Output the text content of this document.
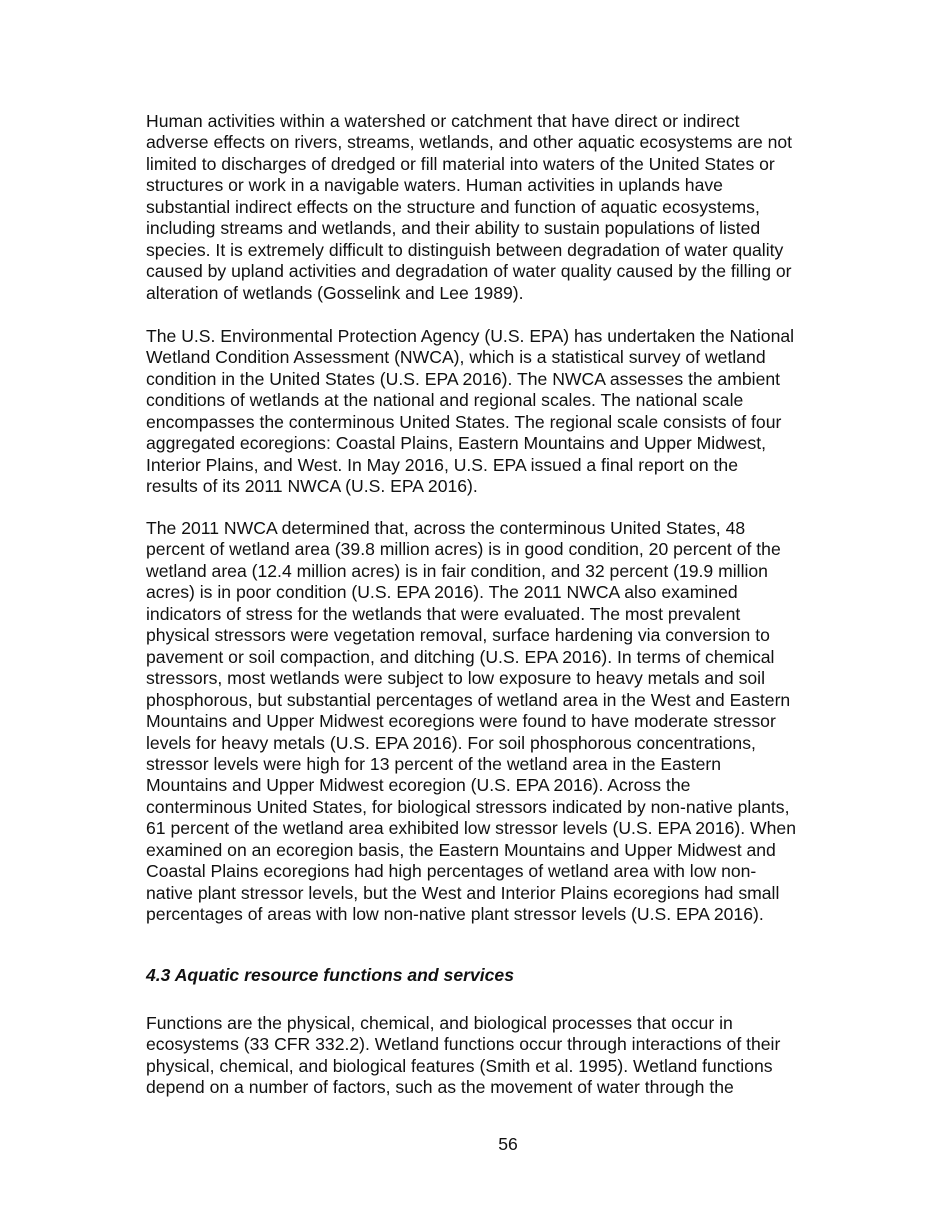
Human activities within a watershed or catchment that have direct or indirect
adverse effects on rivers, streams, wetlands, and other aquatic ecosystems are not
limited to discharges of dredged or fill material into waters of the United States or
structures or work in a navigable waters. Human activities in uplands have
substantial indirect effects on the structure and function of aquatic ecosystems,
including streams and wetlands, and their ability to sustain populations of listed
species. It is extremely difficult to distinguish between degradation of water quality
caused by upland activities and degradation of water quality caused by the filling or
alteration of wetlands (Gosselink and Lee 1989).

The U.S. Environmental Protection Agency (U.S. EPA) has undertaken the National
Wetland Condition Assessment (NWCA), which is a statistical survey of wetland
condition in the United States (U.S. EPA 2016). The NWCA assesses the ambient
conditions of wetlands at the national and regional scales. The national scale
encompasses the conterminous United States. The regional scale consists of four
aggregated ecoregions: Coastal Plains, Eastern Mountains and Upper Midwest,
Interior Plains, and West. In May 2016, U.S. EPA issued a final report on the
results of its 2011 NWCA (U.S. EPA 2016).

The 2011 NWCA determined that, across the conterminous United States, 48
percent of wetland area (39.8 million acres) is in good condition, 20 percent of the
wetland area (12.4 million acres) is in fair condition, and 32 percent (19.9 million
acres) is in poor condition (U.S. EPA 2016). The 2011 NWCA also examined
indicators of stress for the wetlands that were evaluated. The most prevalent
physical stressors were vegetation removal, surface hardening via conversion to
pavement or soil compaction, and ditching (U.S. EPA 2016). In terms of chemical
stressors, most wetlands were subject to low exposure to heavy metals and soil
phosphorous, but substantial percentages of wetland area in the West and Eastern
Mountains and Upper Midwest ecoregions were found to have moderate stressor
levels for heavy metals (U.S. EPA 2016). For soil phosphorous concentrations,
stressor levels were high for 13 percent of the wetland area in the Eastern
Mountains and Upper Midwest ecoregion (U.S. EPA 2016). Across the
conterminous United States, for biological stressors indicated by non-native plants,
61 percent of the wetland area exhibited low stressor levels (U.S. EPA 2016). When
examined on an ecoregion basis, the Eastern Mountains and Upper Midwest and
Coastal Plains ecoregions had high percentages of wetland area with low non-
native plant stressor levels, but the West and Interior Plains ecoregions had small
percentages of areas with low non-native plant stressor levels (U.S. EPA 2016).

4.3 Aquatic resource functions and services

Functions are the physical, chemical, and biological processes that occur in
ecosystems (33 CFR 332.2). Wetland functions occur through interactions of their
physical, chemical, and biological features (Smith et al. 1995). Wetland functions
depend on a number of factors, such as the movement of water through the

56
